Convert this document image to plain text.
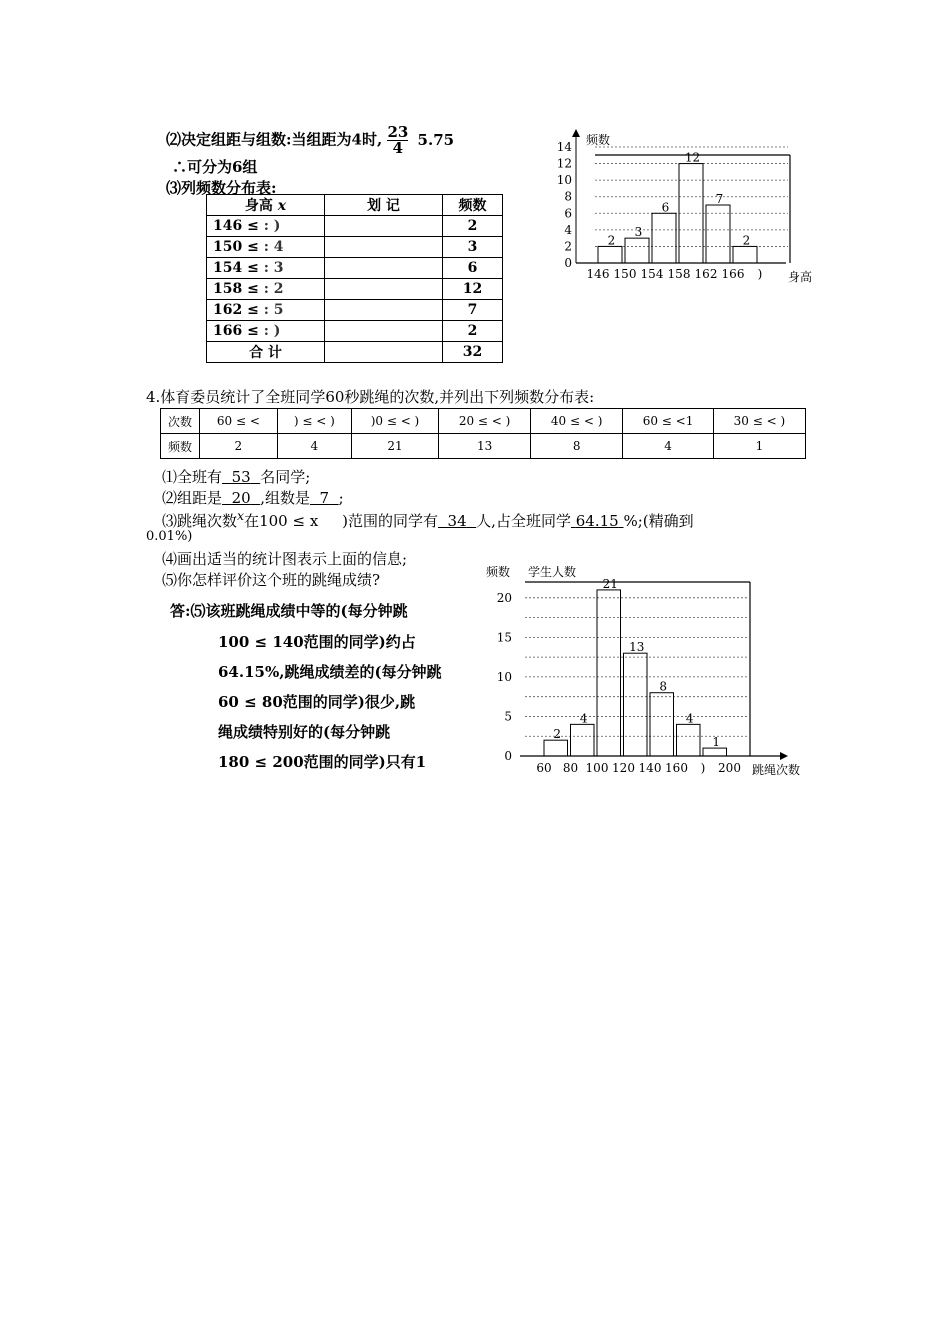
⑵决定组距与组数:当组距为4时, $\frac{23}{4} 5.75$
∴可分为6组
⑶列频数分布表:
身高 x	划 记	频数
146 ≤ : )		2
150 ≤ : 4		3
154 ≤ : 3		6
158 ≤ : 2		12
162 ≤ : 5		7
166 ≤ : )		2
合 计		32
2
3
6
12
7
2
14
12
10
8
6
4
2
0
146 150 154 158 162 166 )
频数
身高
4.体育委员统计了全班同学60秒跳绳的次数,并列出下列频数分布表:
次数	60 ≤ <	) ≤ < )	)0 ≤ < )	20 ≤ < )	40 ≤ < )	60 ≤ <1	30 ≤ < )
频数	2	4	21	13	8	4	1
⑴全班有 53 名同学;
⑵组距是 20 ,组数是 7 ;
⑶跳绳次数$^x$在100 ≤ x )范围的同学有 34 人,占全班同学 64.15 %;(精确到
0.01%)
⑷画出适当的统计图表示上面的信息;
⑸你怎样评价这个班的跳绳成绩?
答:⑸该班跳绳成绩中等的(每分钟跳
100 ≤ 140范围的同学)约占
64.15%,跳绳成绩差的(每分钟跳
60 ≤ 80范围的同学)很少,跳
绳成绩特别好的(每分钟跳
180 ≤ 200范围的同学)只有1
2
4
21
13
8
4
1
20
15
10
5
0
60 80 100 120 140 160 ) 200
频数 学生人数
跳绳次数
